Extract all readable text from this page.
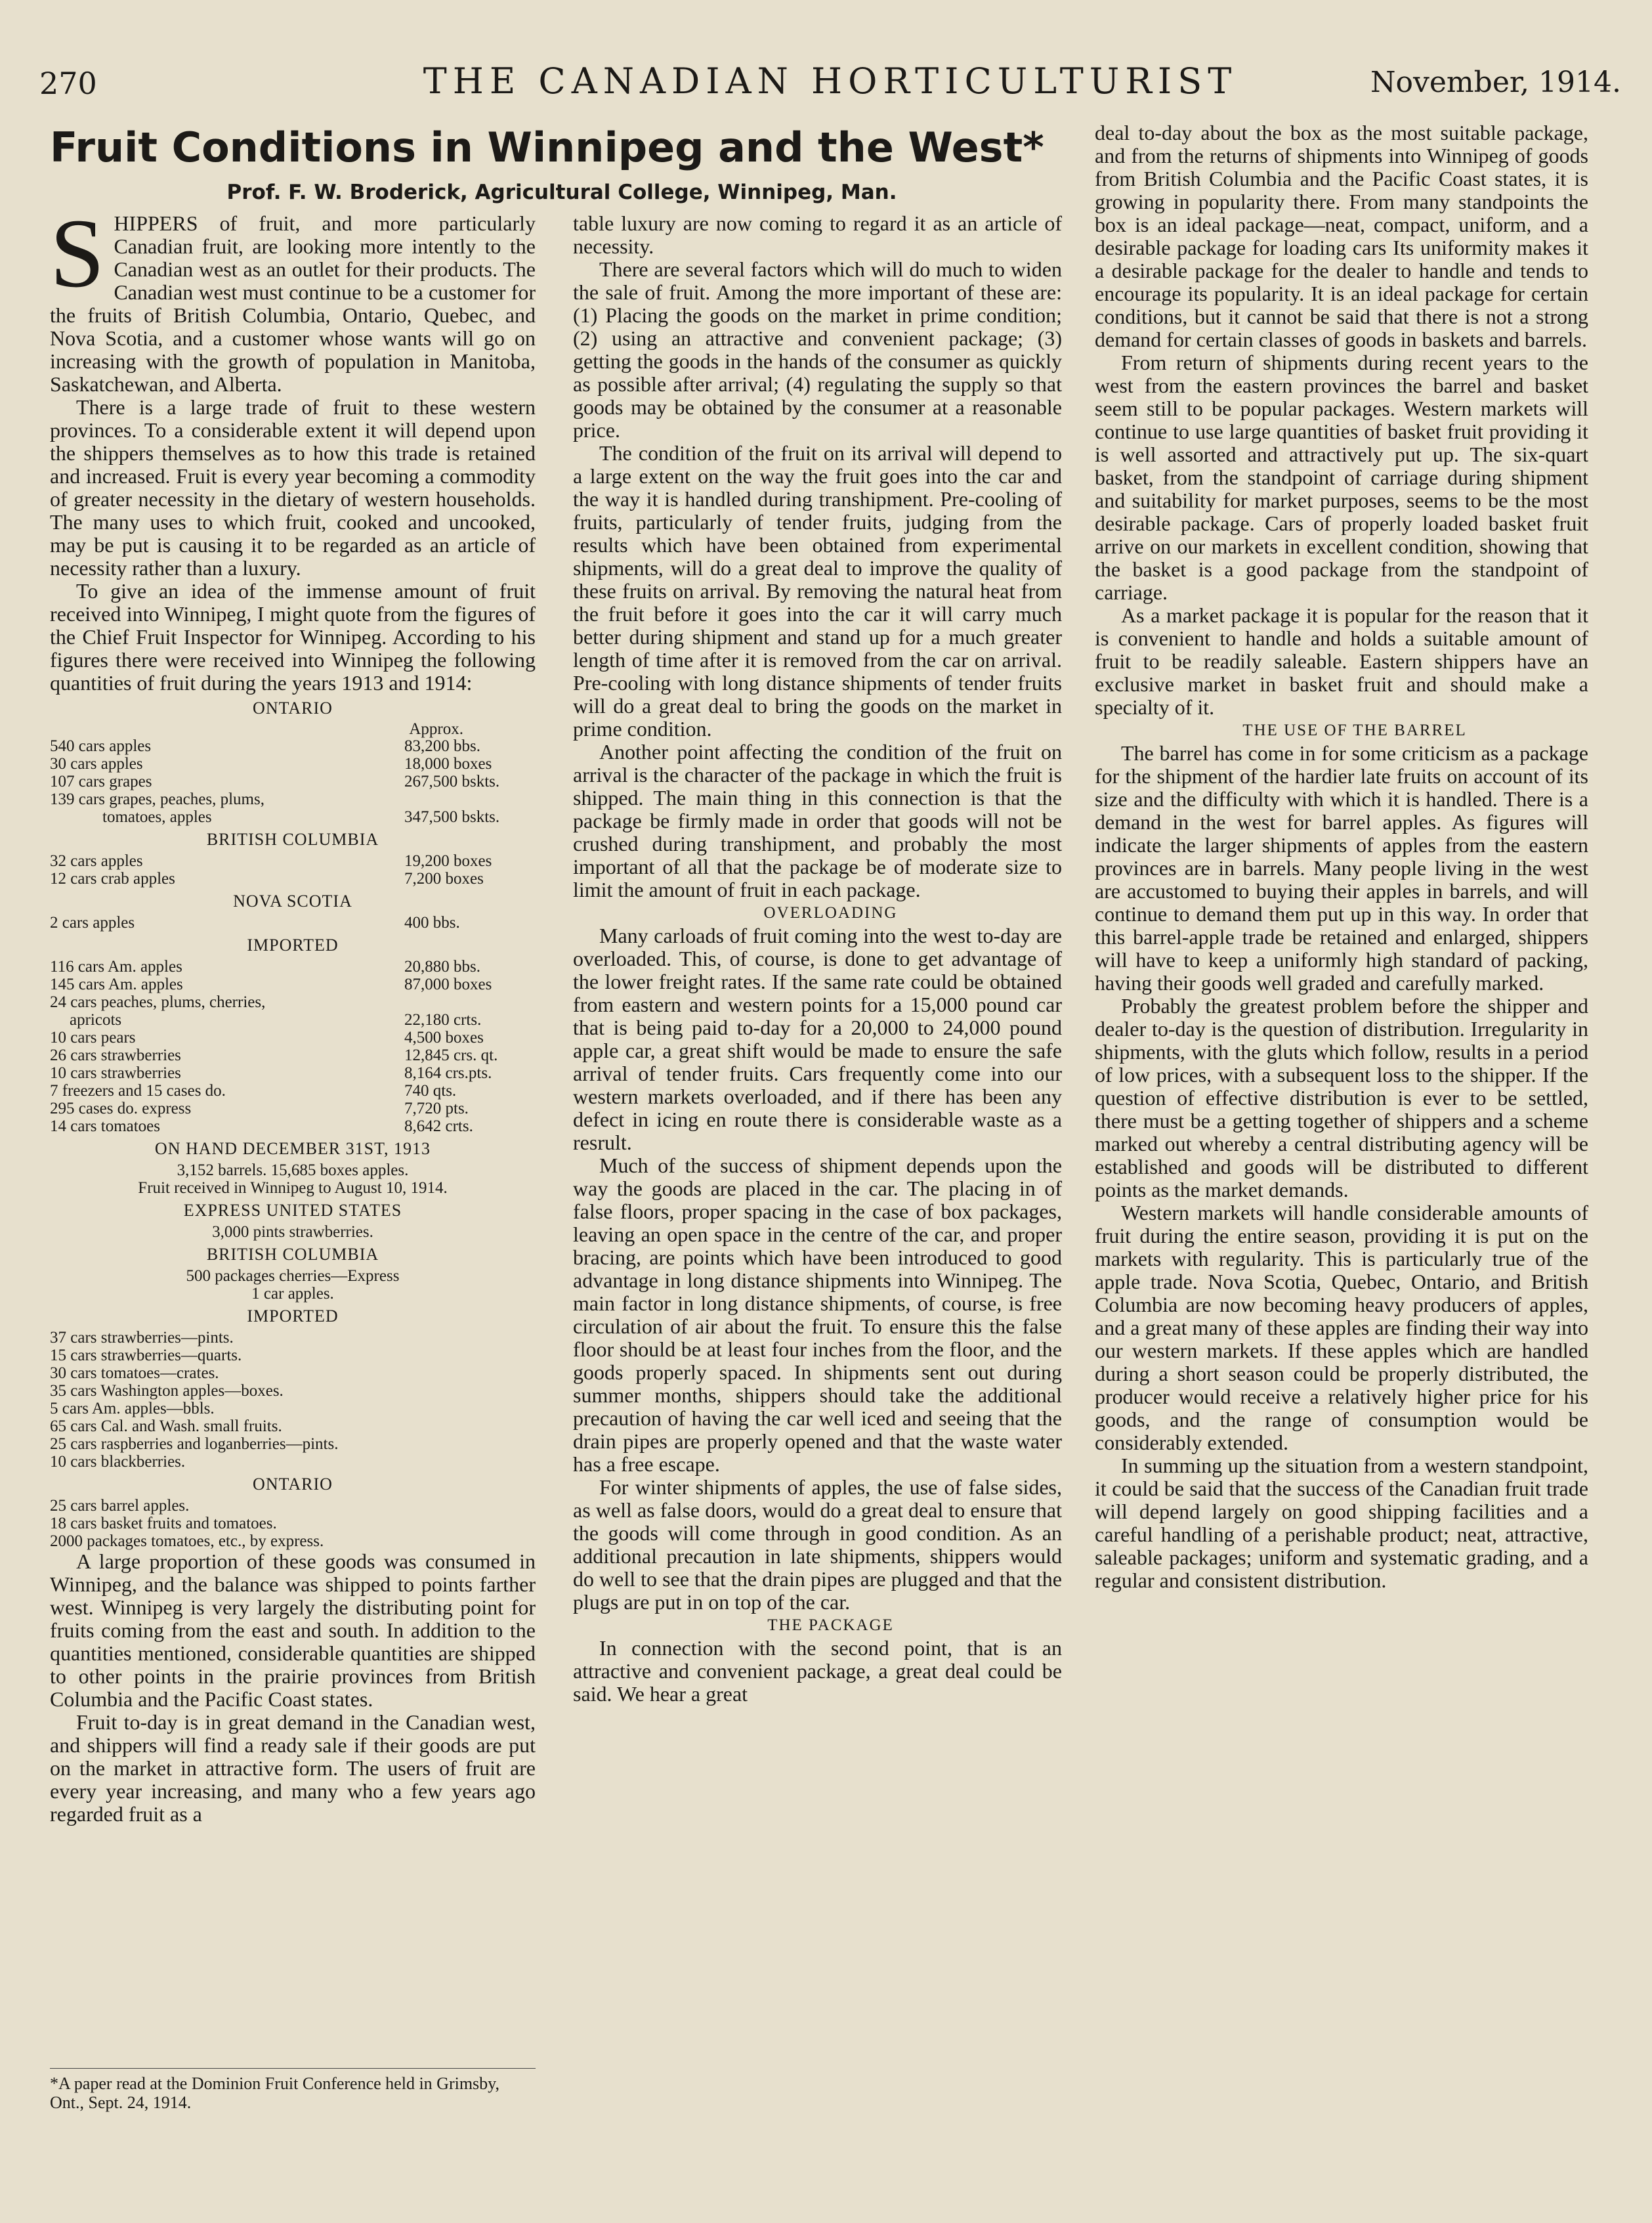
270	THE CANADIAN HORTICULTURIST	November, 1914.
Fruit Conditions in Winnipeg and the West*
Prof. F. W. Broderick, Agricultural College, Winnipeg, Man.

SHIPPERS of fruit, and more particularly Canadian fruit, are looking more intently to the Canadian west as an outlet for their products. The Canadian west must continue to be a customer for the fruits of British Columbia, Ontario, Quebec, and Nova Scotia, and a customer whose wants will go on increasing with the growth of population in Manitoba, Saskatchewan, and Alberta.

There is a large trade of fruit to these western provinces. To a considerable extent it will depend upon the shippers themselves as to how this trade is retained and increased. Fruit is every year becoming a commodity of greater necessity in the dietary of western households. The many uses to which fruit, cooked and uncooked, may be put is causing it to be regarded as an article of necessity rather than a luxury.

To give an idea of the immense amount of fruit received into Winnipeg, I might quote from the figures of the Chief Fruit Inspector for Winnipeg. According to his figures there were received into Winnipeg the following quantities of fruit during the years 1913 and 1914:

ONTARIO
Approx.
540 cars apples	83,200 bbs.
30 cars apples	18,000 boxes
107 cars grapes	267,500 bskts.
139 cars grapes, peaches, plums,
tomatoes, apples	347,500 bskts.
BRITISH COLUMBIA
32 cars apples	19,200 boxes
12 cars crab apples	7,200 boxes
NOVA SCOTIA
2 cars apples	400 bbs.
IMPORTED
116 cars Am. apples	20,880 bbs.
145 cars Am. apples	87,000 boxes
24 cars peaches, plums, cherries,
apricots	22,180 crts.
10 cars pears	4,500 boxes
26 cars strawberries	12,845 crs. qt.
10 cars strawberries	8,164 crs.pts.
7 freezers and 15 cases do.	740 qts.
295 cases do. express	7,720 pts.
14 cars tomatoes	8,642 crts.
ON HAND DECEMBER 31ST, 1913
3,152 barrels. 15,685 boxes apples.
Fruit received in Winnipeg to August 10, 1914.
EXPRESS UNITED STATES
3,000 pints strawberries.
BRITISH COLUMBIA
500 packages cherries—Express
1 car apples.
IMPORTED
37 cars strawberries—pints.
15 cars strawberries—quarts.
30 cars tomatoes—crates.
35 cars Washington apples—boxes.
5 cars Am. apples—bbls.
65 cars Cal. and Wash. small fruits.
25 cars raspberries and loganberries—pints.
10 cars blackberries.
ONTARIO
25 cars barrel apples.
18 cars basket fruits and tomatoes.
2000 packages tomatoes, etc., by express.

A large proportion of these goods was consumed in Winnipeg, and the balance was shipped to points farther west. Winnipeg is very largely the distributing point for fruits coming from the east and south. In addition to the quantities mentioned, considerable quantities are shipped to other points in the prairie provinces from British Columbia and the Pacific Coast states.

Fruit to-day is in great demand in the Canadian west, and shippers will find a ready sale if their goods are put on the market in attractive form. The users of fruit are every year increasing, and many who a few years ago regarded fruit as a

*A paper read at the Dominion Fruit Conference held in Grimsby, Ont., Sept. 24, 1914.

table luxury are now coming to regard it as an article of necessity.

There are several factors which will do much to widen the sale of fruit. Among the more important of these are: (1) Placing the goods on the market in prime condition; (2) using an attractive and convenient package; (3) getting the goods in the hands of the consumer as quickly as possible after arrival; (4) regulating the supply so that goods may be obtained by the consumer at a reasonable price.

The condition of the fruit on its arrival will depend to a large extent on the way the fruit goes into the car and the way it is handled during transhipment. Pre-cooling of fruits, particularly of tender fruits, judging from the results which have been obtained from experimental shipments, will do a great deal to improve the quality of these fruits on arrival. By removing the natural heat from the fruit before it goes into the car it will carry much better during shipment and stand up for a much greater length of time after it is removed from the car on arrival. Pre-cooling with long distance shipments of tender fruits will do a great deal to bring the goods on the market in prime condition.

Another point affecting the condition of the fruit on arrival is the character of the package in which the fruit is shipped. The main thing in this connection is that the package be firmly made in order that goods will not be crushed during transhipment, and probably the most important of all that the package be of moderate size to limit the amount of fruit in each package.

OVERLOADING

Many carloads of fruit coming into the west to-day are overloaded. This, of course, is done to get advantage of the lower freight rates. If the same rate could be obtained from eastern and western points for a 15,000 pound car that is being paid to-day for a 20,000 to 24,000 pound apple car, a great shift would be made to ensure the safe arrival of tender fruits. Cars frequently come into our western markets overloaded, and if there has been any defect in icing en route there is considerable waste as a resrult.

Much of the success of shipment depends upon the way the goods are placed in the car. The placing in of false floors, proper spacing in the case of box packages, leaving an open space in the centre of the car, and proper bracing, are points which have been introduced to good advantage in long distance shipments into Winnipeg. The main factor in long distance shipments, of course, is free circulation of air about the fruit. To ensure this the false floor should be at least four inches from the floor, and the goods properly spaced. In shipments sent out during summer months, shippers should take the additional precaution of having the car well iced and seeing that the drain pipes are properly opened and that the waste water has a free escape.

For winter shipments of apples, the use of false sides, as well as false doors, would do a great deal to ensure that the goods will come through in good condition. As an additional precaution in late shipments, shippers would do well to see that the drain pipes are plugged and that the plugs are put in on top of the car.

THE PACKAGE

In connection with the second point, that is an attractive and convenient package, a great deal could be said. We hear a great

deal to-day about the box as the most suitable package, and from the returns of shipments into Winnipeg of goods from British Columbia and the Pacific Coast states, it is growing in popularity there. From many standpoints the box is an ideal package—neat, compact, uniform, and a desirable package for loading cars Its uniformity makes it a desirable package for the dealer to handle and tends to encourage its popularity. It is an ideal package for certain conditions, but it cannot be said that there is not a strong demand for certain classes of goods in baskets and barrels.

From return of shipments during recent years to the west from the eastern provinces the barrel and basket seem still to be popular packages. Western markets will continue to use large quantities of basket fruit providing it is well assorted and attractively put up. The six-quart basket, from the standpoint of carriage during shipment and suitability for market purposes, seems to be the most desirable package. Cars of properly loaded basket fruit arrive on our markets in excellent condition, showing that the basket is a good package from the standpoint of carriage.

As a market package it is popular for the reason that it is convenient to handle and holds a suitable amount of fruit to be readily saleable. Eastern shippers have an exclusive market in basket fruit and should make a specialty of it.

THE USE OF THE BARREL

The barrel has come in for some criticism as a package for the shipment of the hardier late fruits on account of its size and the difficulty with which it is handled. There is a demand in the west for barrel apples. As figures will indicate the larger shipments of apples from the eastern provinces are in barrels. Many people living in the west are accustomed to buying their apples in barrels, and will continue to demand them put up in this way. In order that this barrel-apple trade be retained and enlarged, shippers will have to keep a uniformly high standard of packing, having their goods well graded and carefully marked.

Probably the greatest problem before the shipper and dealer to-day is the question of distribution. Irregularity in shipments, with the gluts which follow, results in a period of low prices, with a subsequent loss to the shipper. If the question of effective distribution is ever to be settled, there must be a getting together of shippers and a scheme marked out whereby a central distributing agency will be established and goods will be distributed to different points as the market demands.

Western markets will handle considerable amounts of fruit during the entire season, providing it is put on the markets with regularity. This is particularly true of the apple trade. Nova Scotia, Quebec, Ontario, and British Columbia are now becoming heavy producers of apples, and a great many of these apples are finding their way into our western markets. If these apples which are handled during a short season could be properly distributed, the producer would receive a relatively higher price for his goods, and the range of consumption would be considerably extended.

In summing up the situation from a western standpoint, it could be said that the success of the Canadian fruit trade will depend largely on good shipping facilities and a careful handling of a perishable product; neat, attractive, saleable packages; uniform and systematic grading, and a regular and consistent distribution.
